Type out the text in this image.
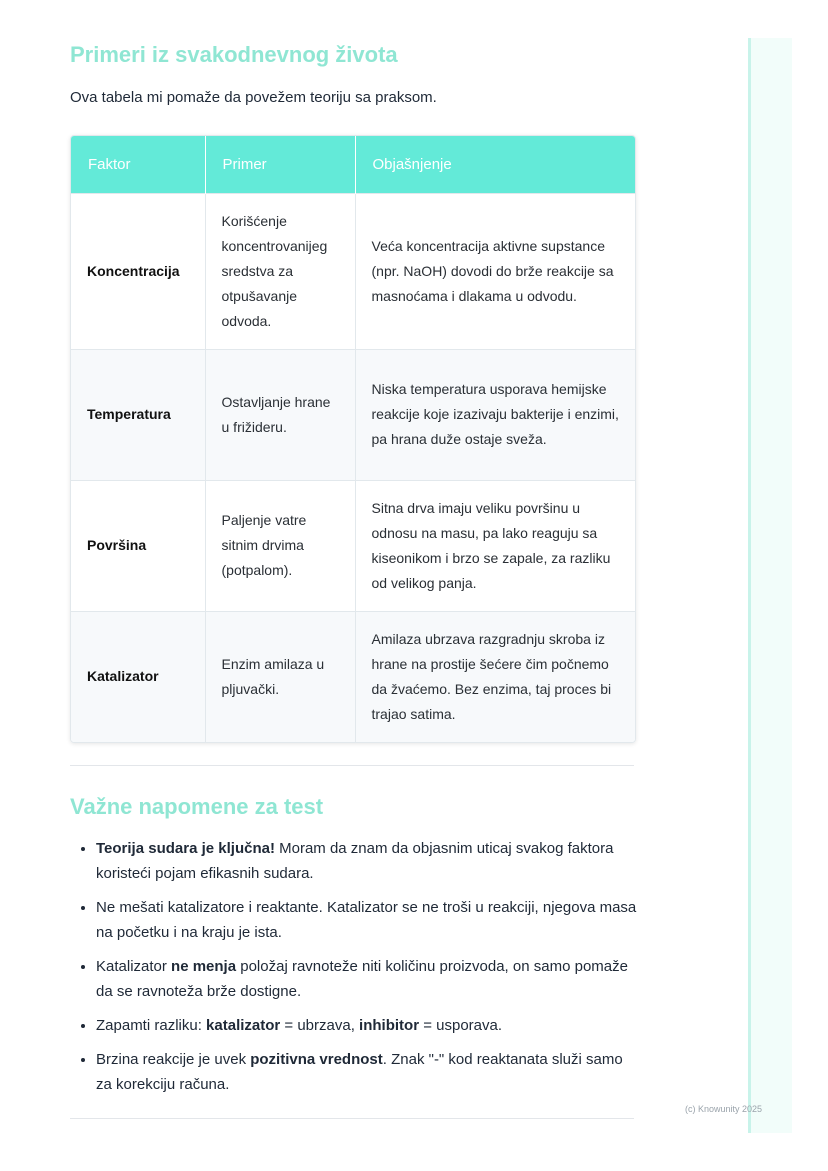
Primeri iz svakodnevnog života

Ova tabela mi pomaže da povežem teoriju sa praksom.

Faktor	Primer	Objašnjenje
Koncentracija	Korišćenje koncentrovanijeg sredstva za otpušavanje odvoda.	Veća koncentracija aktivne supstance (npr. NaOH) dovodi do brže reakcije sa masnoćama i dlakama u odvodu.
Temperatura	Ostavljanje hrane u frižideru.	Niska temperatura usporava hemijske reakcije koje izazivaju bakterije i enzimi, pa hrana duže ostaje sveža.
Površina	Paljenje vatre sitnim drvima (potpalom).	Sitna drva imaju veliku površinu u odnosu na masu, pa lako reaguju sa kiseonikom i brzo se zapale, za razliku od velikog panja.
Katalizator	Enzim amilaza u pljuvački.	Amilaza ubrzava razgradnju skroba iz hrane na prostije šećere čim počnemo da žvaćemo. Bez enzima, taj proces bi trajao satima.
Važne napomene za test
• Teorija sudara je ključna! Moram da znam da objasnim uticaj svakog faktora koristeći pojam efikasnih sudara.
• Ne mešati katalizatore i reaktante. Katalizator se ne troši u reakciji, njegova masa na početku i na kraju je ista.
• Katalizator ne menja položaj ravnoteže niti količinu proizvoda, on samo pomaže da se ravnoteža brže dostigne.
• Zapamti razliku: katalizator = ubrzava, inhibitor = usporava.
• Brzina reakcije je uvek pozitivna vrednost. Znak "-" kod reaktanata služi samo za korekciju računa.
(c) Knowunity 2025
